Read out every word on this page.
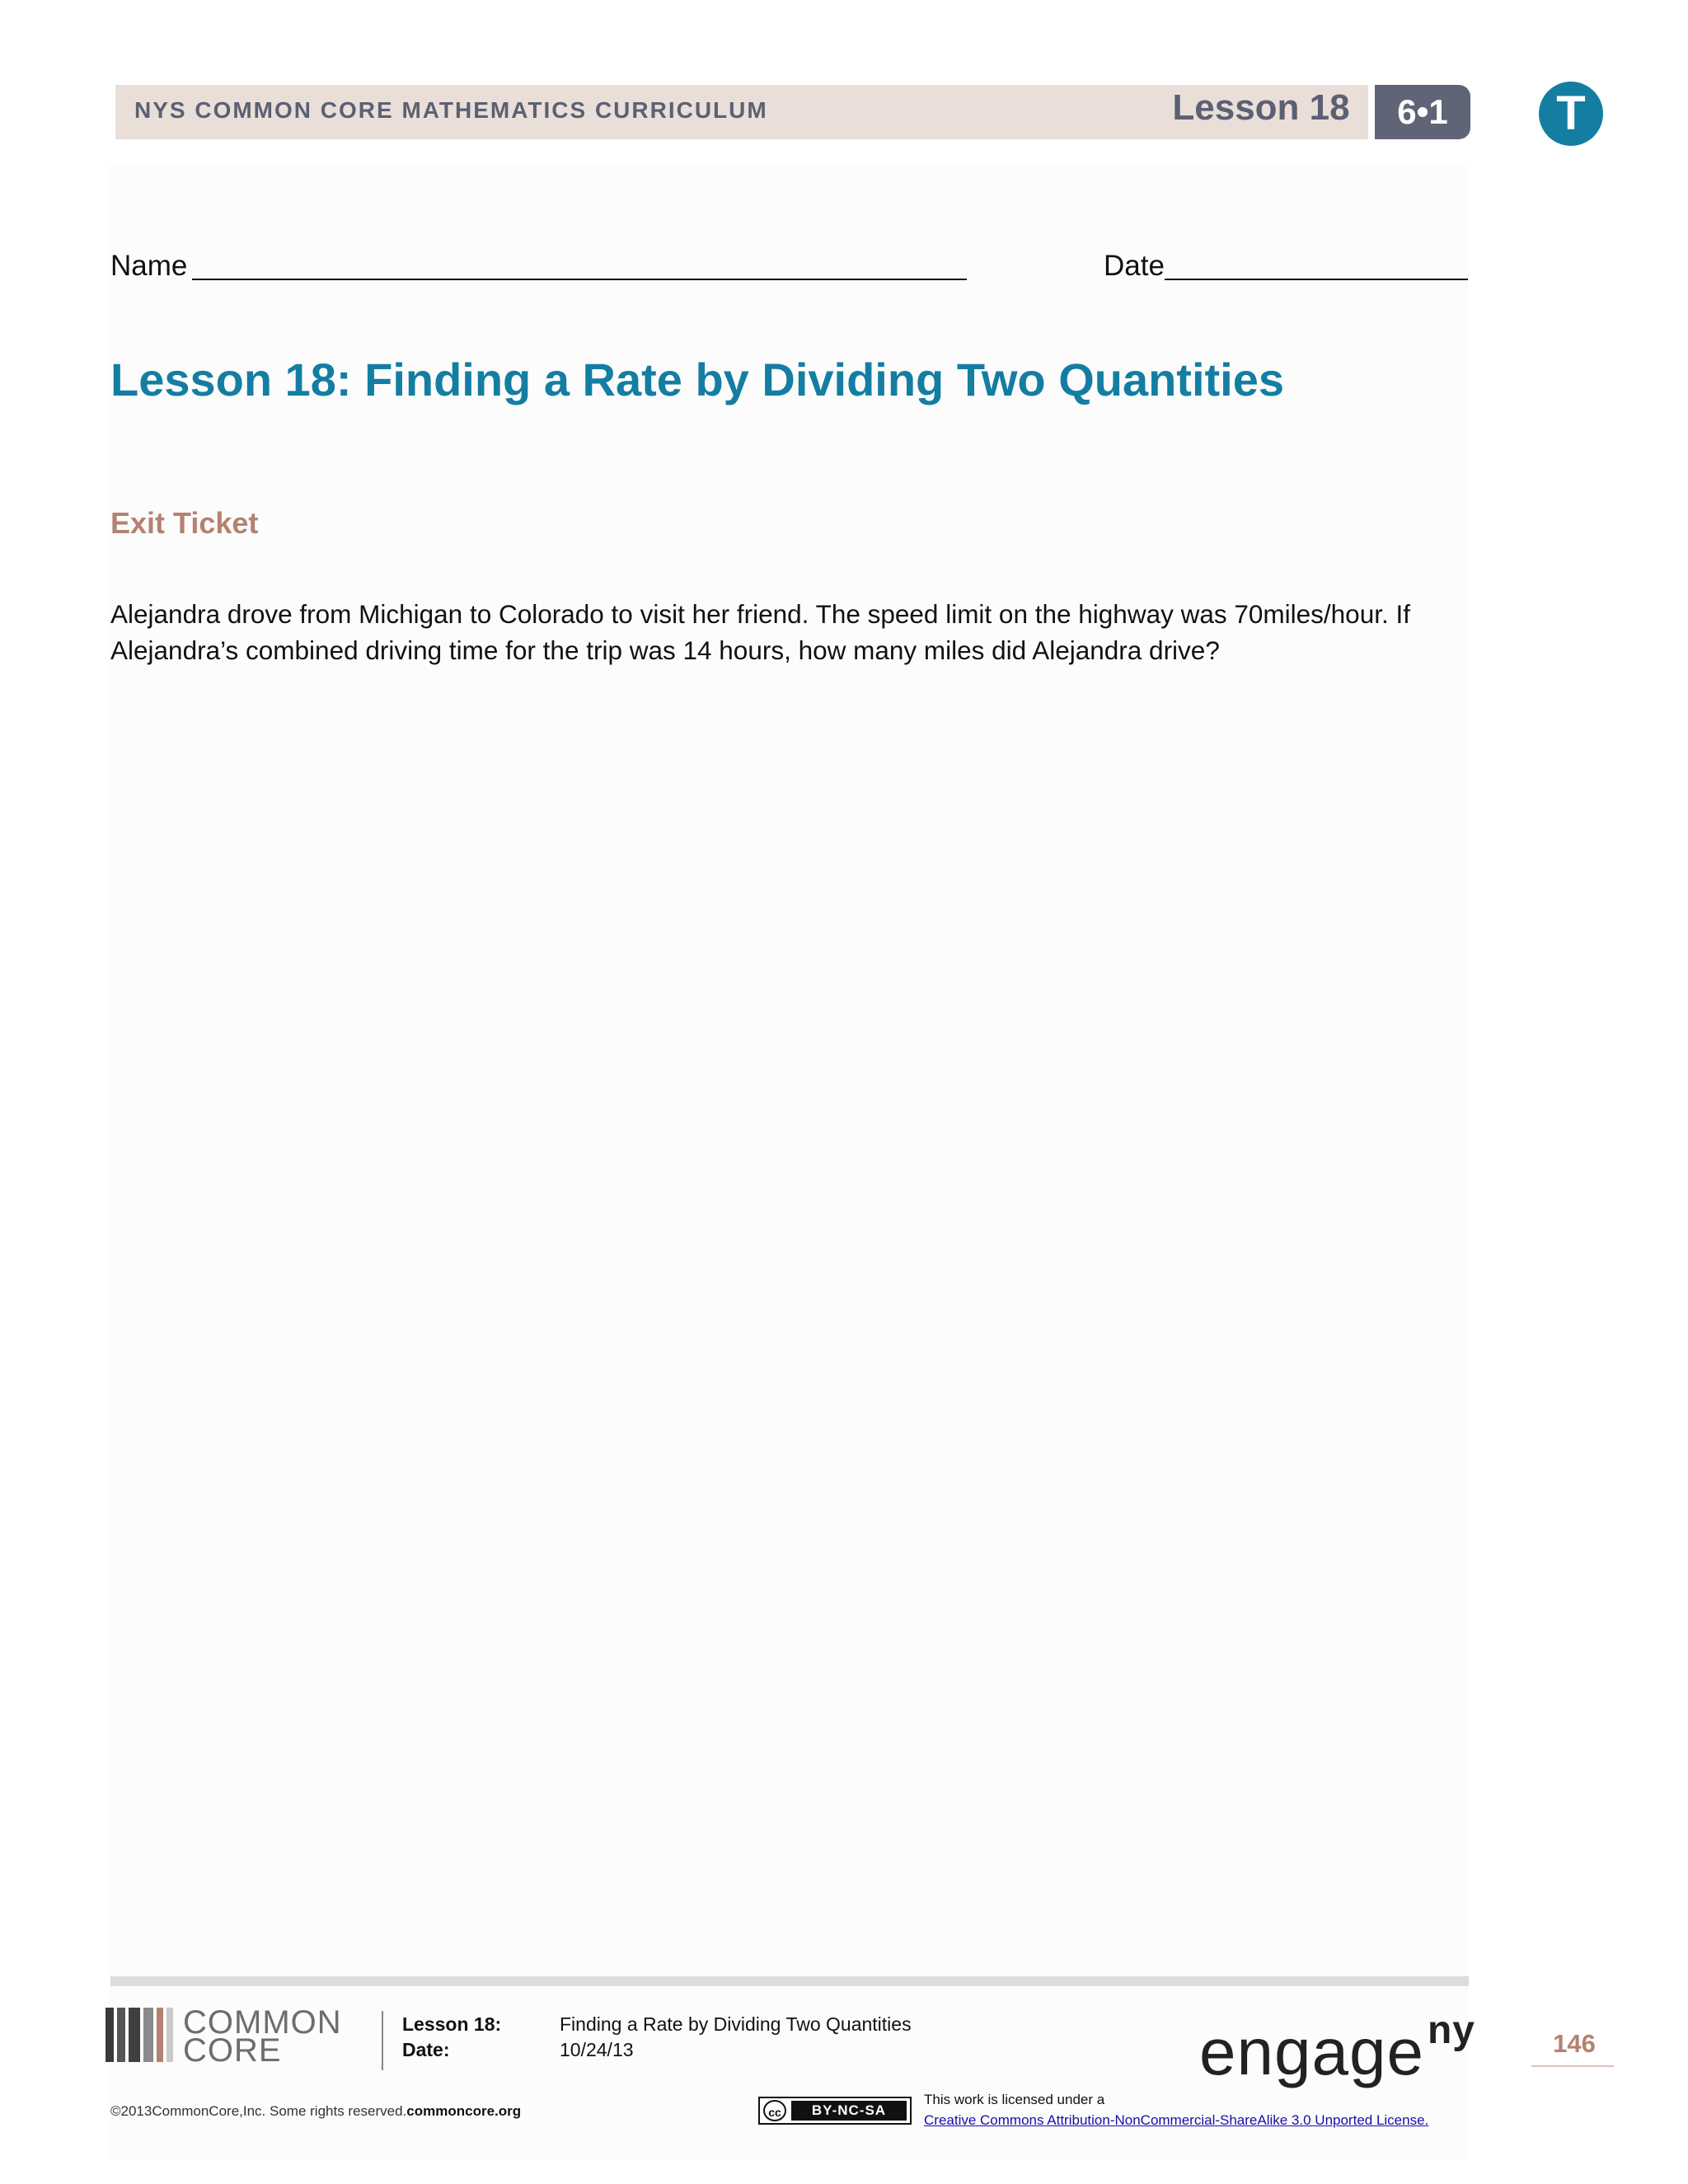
NYS COMMON CORE MATHEMATICS CURRICULUM	Lesson 18	6•1	T
Name	Date
Lesson 18: Finding a Rate by Dividing Two Quantities
Exit Ticket

Alejandra drove from Michigan to Colorado to visit her friend. The speed limit on the highway was 70miles/hour. If

Alejandra’s combined driving time for the trip was 14 hours, how many miles did Alejandra drive?

COMMON
CORE
Lesson 18:	Finding a Rate by Dividing Two Quantities
Date:	10/24/13	engage$^{ny}$	146
©2013CommonCore,Inc. Some rights reserved.commoncore.org	cc	BY-NC-SA
This work is licensed under a
Creative Commons Attribution-NonCommercial-ShareAlike 3.0 Unported License.
